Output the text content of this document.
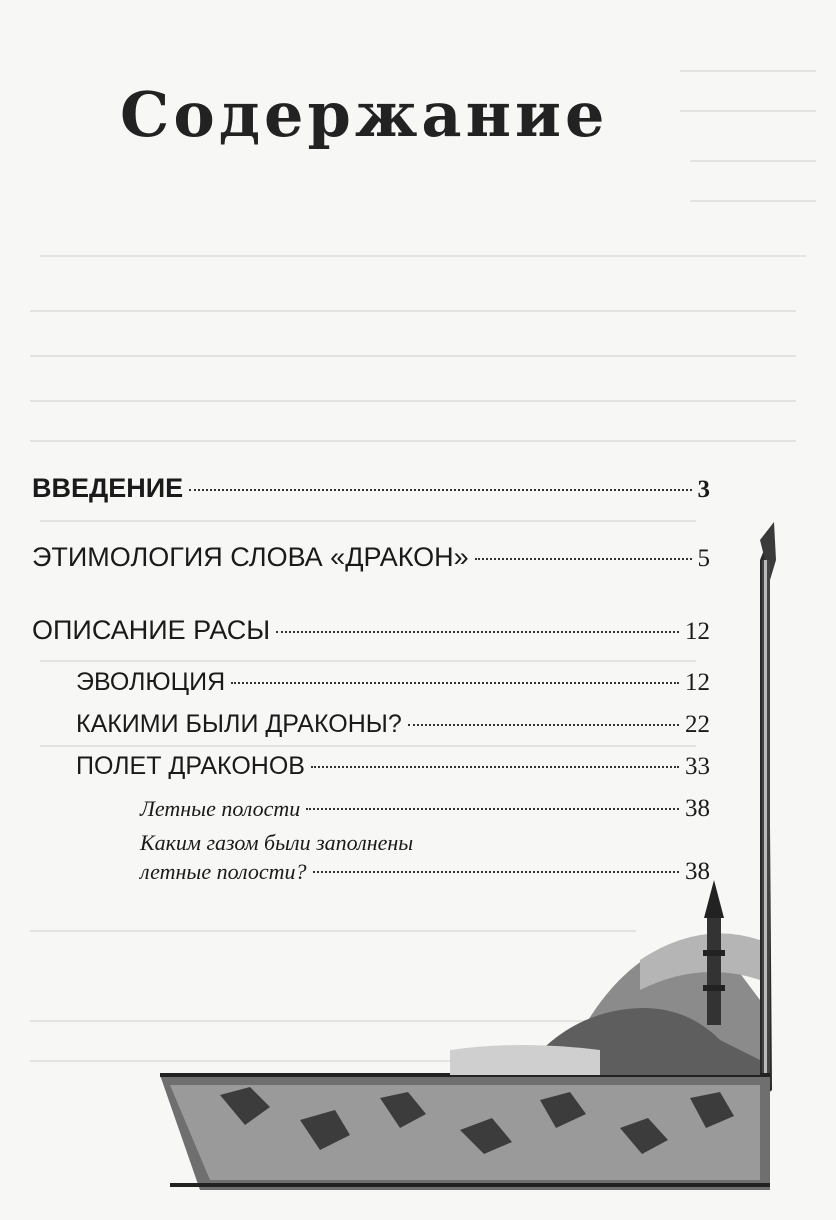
Содержание
ВВЕДЕНИЕ	3
ЭТИМОЛОГИЯ СЛОВА «ДРАКОН»	5
ОПИСАНИЕ РАСЫ	12
ЭВОЛЮЦИЯ	12
КАКИМИ БЫЛИ ДРАКОНЫ?	22
ПОЛЕТ ДРАКОНОВ	33
Летные полости	38
Каким газом были заполнены
летные полости?	38
